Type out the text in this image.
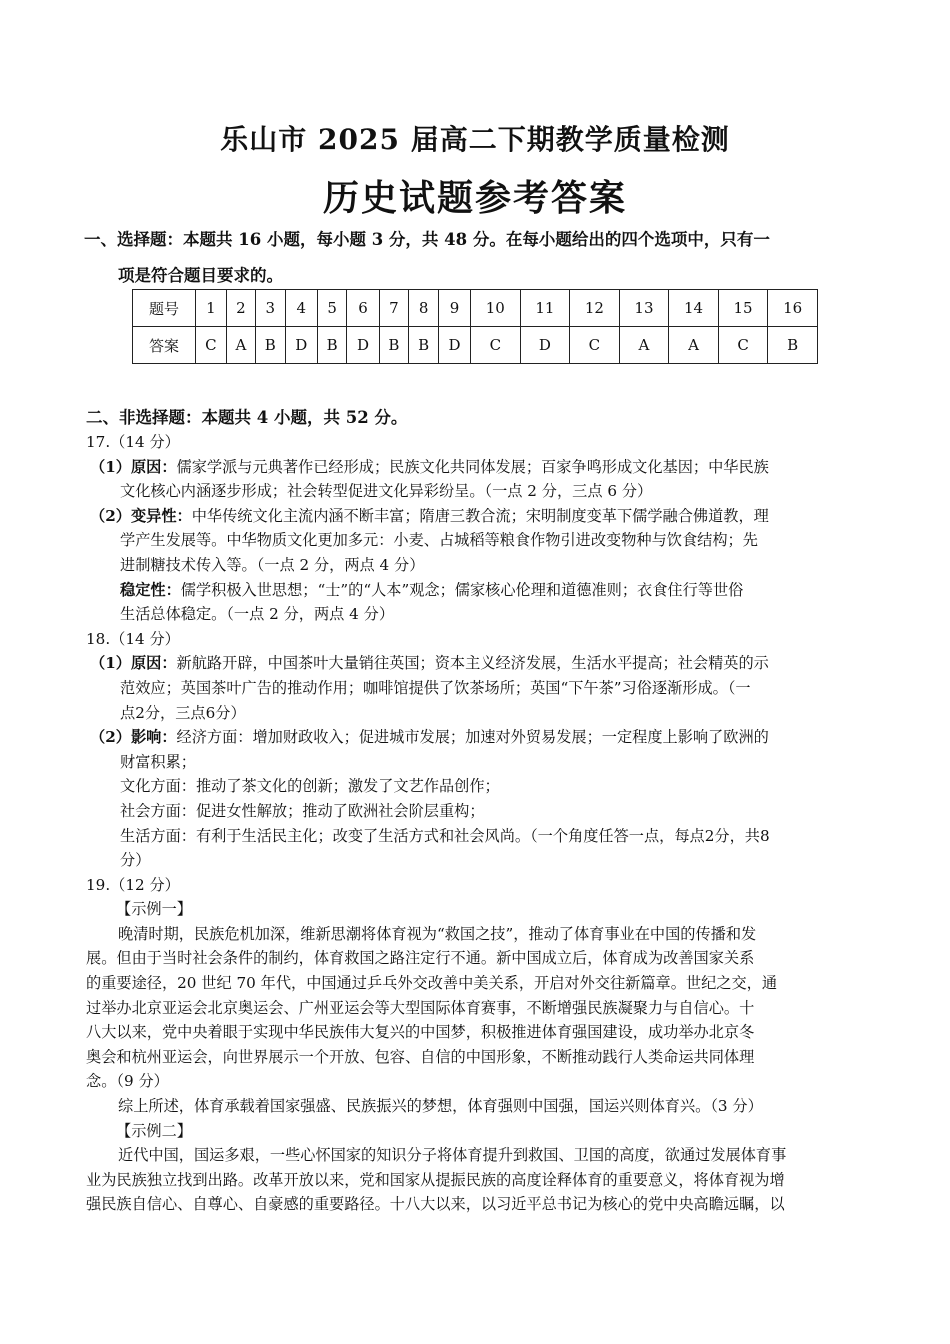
乐山市 2025 届高二下期教学质量检测
历史试题参考答案
一、选择题：本题共 16 小题，每小题 3 分，共 48 分。在每小题给出的四个选项中，只有一
项是符合题目要求的。
题号	1	2	3	4	5	6	7	8	9	10	11	12	13	14	15	16
答案	C	A	B	D	B	D	B	B	D	C	D	C	A	A	C	B
二、非选择题：本题共 4 小题，共 52 分。
17.（14 分）
（1）原因：儒家学派与元典著作已经形成；民族文化共同体发展；百家争鸣形成文化基因；中华民族
文化核心内涵逐步形成；社会转型促进文化异彩纷呈。（一点 2 分，三点 6 分）
（2）变异性：中华传统文化主流内涵不断丰富；隋唐三教合流；宋明制度变革下儒学融合佛道教，理
学产生发展等。中华物质文化更加多元：小麦、占城稻等粮食作物引进改变物种与饮食结构；先
进制糖技术传入等。（一点 2 分，两点 4 分）
稳定性：儒学积极入世思想；“士”的“人本”观念；儒家核心伦理和道德准则；衣食住行等世俗
生活总体稳定。（一点 2 分，两点 4 分）
18.（14 分）
（1）原因：新航路开辟，中国茶叶大量销往英国；资本主义经济发展，生活水平提高；社会精英的示
范效应；英国茶叶广告的推动作用；咖啡馆提供了饮茶场所；英国“下午茶”习俗逐渐形成。（一
点2分，三点6分）
（2）影响：经济方面：增加财政收入；促进城市发展；加速对外贸易发展；一定程度上影响了欧洲的
财富积累；
文化方面：推动了茶文化的创新；激发了文艺作品创作；
社会方面：促进女性解放；推动了欧洲社会阶层重构；
生活方面：有利于生活民主化；改变了生活方式和社会风尚。（一个角度任答一点，每点2分，共8
分）
19.（12 分）
【示例一】
晚清时期，民族危机加深，维新思潮将体育视为“救国之技”，推动了体育事业在中国的传播和发
展。但由于当时社会条件的制约，体育救国之路注定行不通。新中国成立后，体育成为改善国家关系
的重要途径，20 世纪 70 年代，中国通过乒乓外交改善中美关系，开启对外交往新篇章。世纪之交，通
过举办北京亚运会北京奥运会、广州亚运会等大型国际体育赛事，不断增强民族凝聚力与自信心。十
八大以来，党中央着眼于实现中华民族伟大复兴的中国梦，积极推进体育强国建设，成功举办北京冬
奥会和杭州亚运会，向世界展示一个开放、包容、自信的中国形象，不断推动践行人类命运共同体理
念。（9 分）
综上所述，体育承载着国家强盛、民族振兴的梦想，体育强则中国强，国运兴则体育兴。（3 分）
【示例二】
近代中国，国运多艰，一些心怀国家的知识分子将体育提升到救国、卫国的高度，欲通过发展体育事
业为民族独立找到出路。改革开放以来，党和国家从提振民族的高度诠释体育的重要意义，将体育视为增
强民族自信心、自尊心、自豪感的重要路径。十八大以来，以习近平总书记为核心的党中央高瞻远瞩，以
